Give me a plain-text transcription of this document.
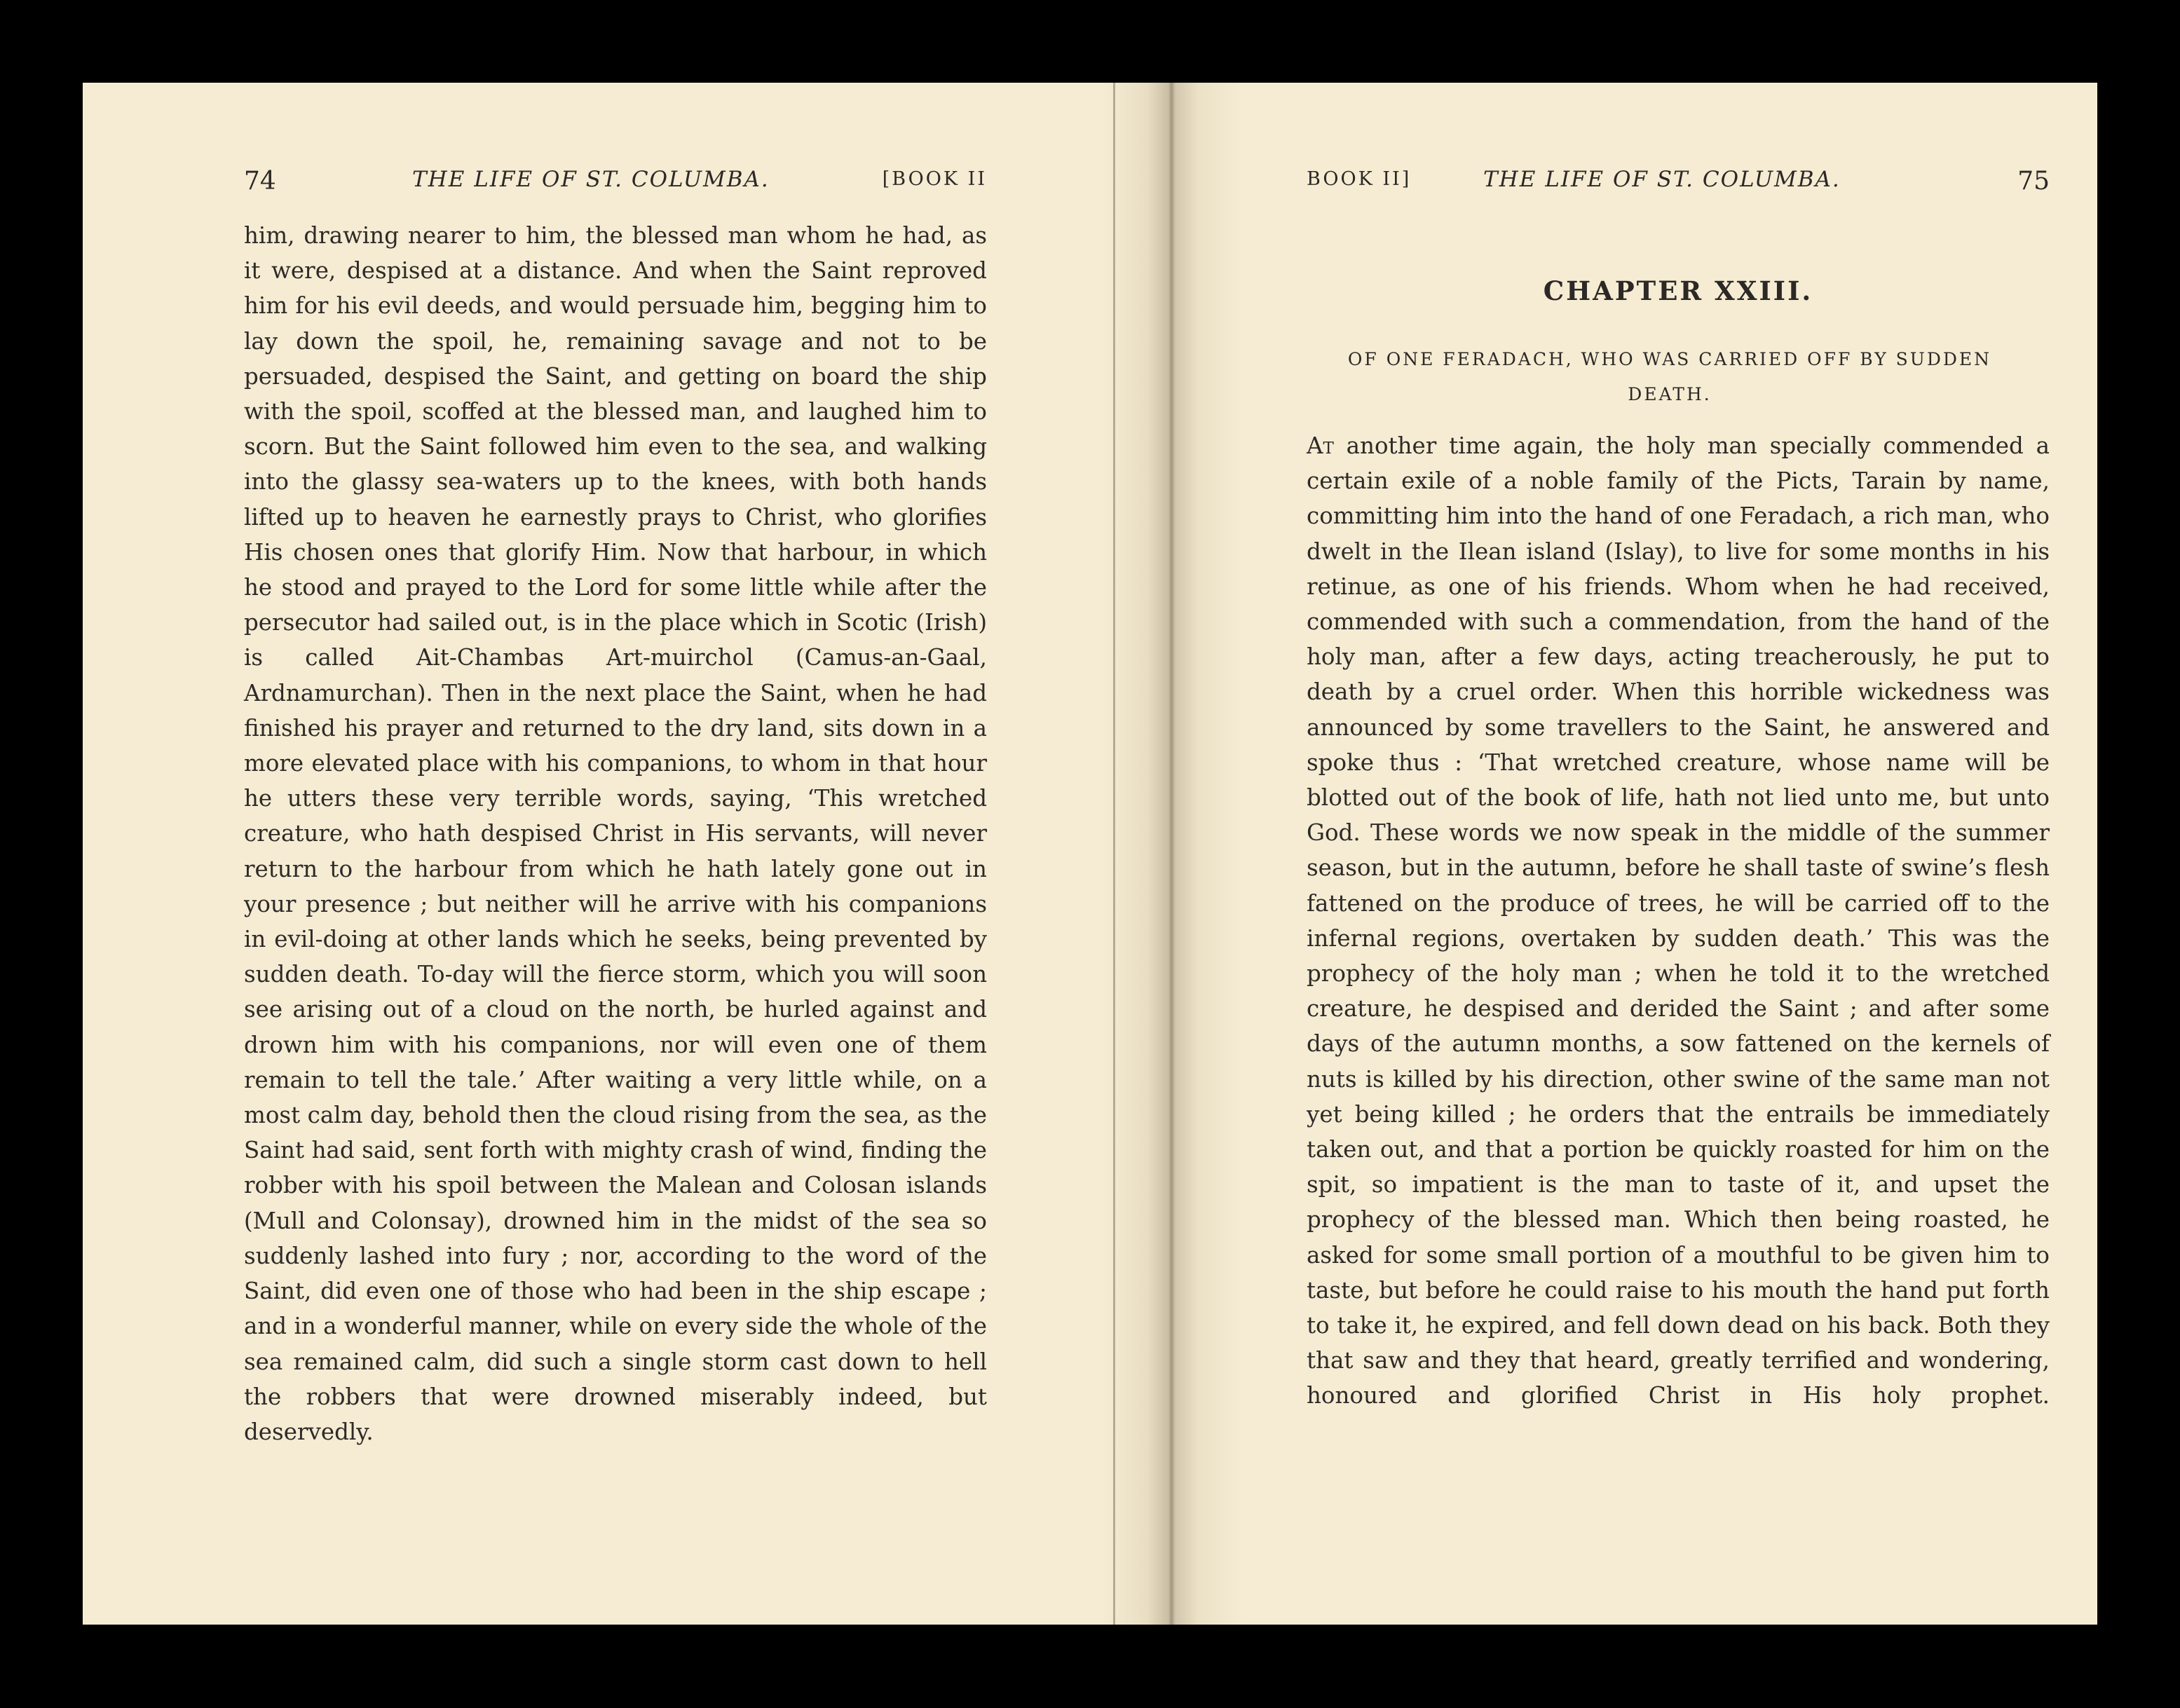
74	THE LIFE OF ST. COLUMBA.	[BOOK II

him, drawing nearer to him, the blessed man whom he had, as it were, despised at a distance. And when the Saint reproved him for his evil deeds, and would persuade him, begging him to lay down the spoil, he, remaining savage and not to be persuaded, despised the Saint, and getting on board the ship with the spoil, scoffed at the blessed man, and laughed him to scorn. But the Saint followed him even to the sea, and walking into the glassy sea-waters up to the knees, with both hands lifted up to heaven he earnestly prays to Christ, who glorifies His chosen ones that glorify Him. Now that harbour, in which he stood and prayed to the Lord for some little while after the persecutor had sailed out, is in the place which in Scotic (Irish) is called Ait-Chambas Art-muirchol (Camus-an-Gaal, Ardnamurchan). Then in the next place the Saint, when he had finished his prayer and returned to the dry land, sits down in a more elevated place with his companions, to whom in that hour he utters these very terrible words, saying, ‘This wretched creature, who hath despised Christ in His servants, will never return to the harbour from which he hath lately gone out in your presence ; but neither will he arrive with his companions in evil-doing at other lands which he seeks, being prevented by sudden death. To-day will the fierce storm, which you will soon see arising out of a cloud on the north, be hurled against and drown him with his companions, nor will even one of them remain to tell the tale.’ After waiting a very little while, on a most calm day, behold then the cloud rising from the sea, as the Saint had said, sent forth with mighty crash of wind, finding the robber with his spoil between the Malean and Colosan islands (Mull and Colonsay), drowned him in the midst of the sea so suddenly lashed into fury ; nor, according to the word of the Saint, did even one of those who had been in the ship escape ; and in a wonderful manner, while on every side the whole of the sea remained calm, did such a single storm cast down to hell the robbers that were drowned miserably indeed, but deservedly.

BOOK II]	THE LIFE OF ST. COLUMBA.	75
CHAPTER XXIII.

OF ONE FERADACH, WHO WAS CARRIED OFF BY SUDDEN DEATH.

At another time again, the holy man specially commended a certain exile of a noble family of the Picts, Tarain by name, committing him into the hand of one Feradach, a rich man, who dwelt in the Ilean island (Islay), to live for some months in his retinue, as one of his friends. Whom when he had received, commended with such a commendation, from the hand of the holy man, after a few days, acting treacherously, he put to death by a cruel order. When this horrible wickedness was announced by some travellers to the Saint, he answered and spoke thus : ‘That wretched creature, whose name will be blotted out of the book of life, hath not lied unto me, but unto God. These words we now speak in the middle of the summer season, but in the autumn, before he shall taste of swine’s flesh fattened on the produce of trees, he will be carried off to the infernal regions, overtaken by sudden death.’ This was the prophecy of the holy man ; when he told it to the wretched creature, he despised and derided the Saint ; and after some days of the autumn months, a sow fattened on the kernels of nuts is killed by his direction, other swine of the same man not yet being killed ; he orders that the entrails be immediately taken out, and that a portion be quickly roasted for him on the spit, so impatient is the man to taste of it, and upset the prophecy of the blessed man. Which then being roasted, he asked for some small portion of a mouthful to be given him to taste, but before he could raise to his mouth the hand put forth to take it, he expired, and fell down dead on his back. Both they that saw and they that heard, greatly terrified and wondering, honoured and glorified Christ in His holy prophet.
